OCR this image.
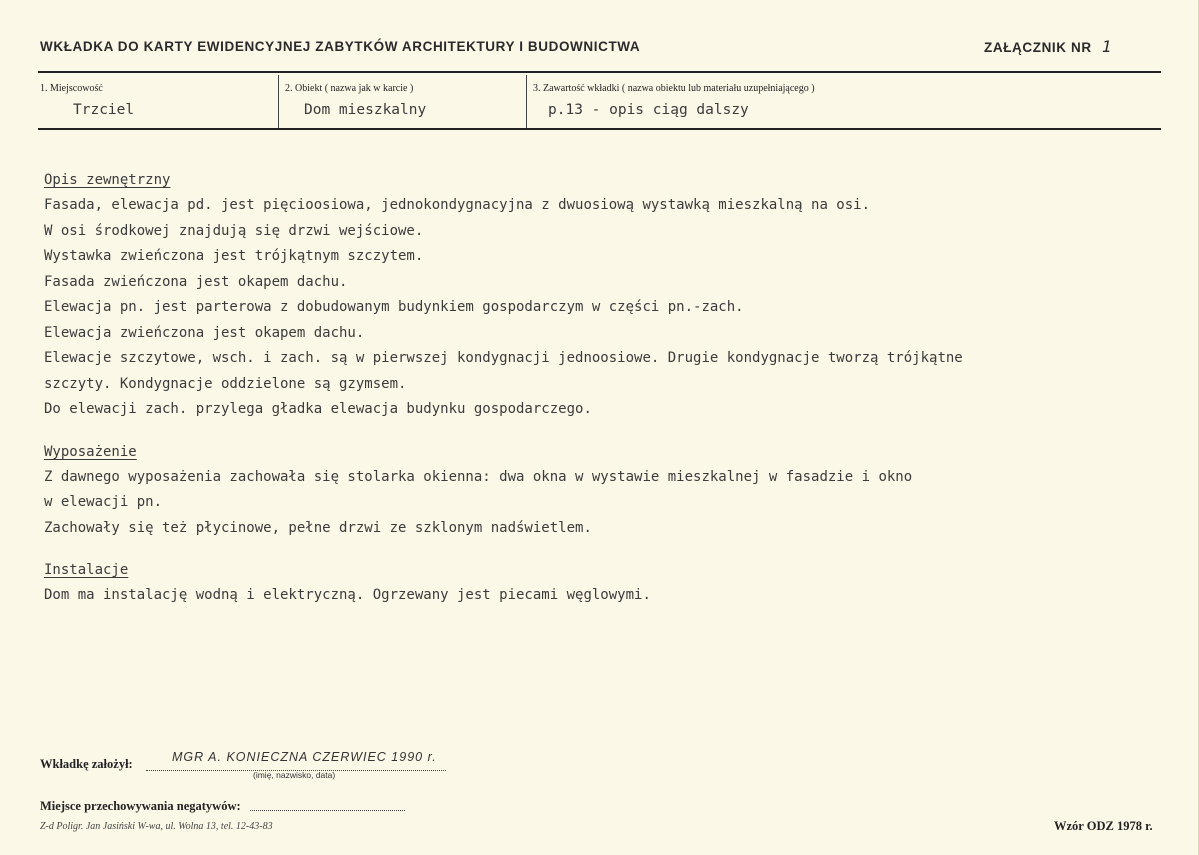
WKŁADKA DO KARTY EWIDENCYJNEJ ZABYTKÓW ARCHITEKTURY I BUDOWNICTWA	ZAŁĄCZNIK NR 1
1. Miejscowość
Trzciel
2. Obiekt ( nazwa jak w karcie )
Dom mieszkalny
3. Zawartość wkładki ( nazwa obiektu lub materiału uzupełniającego )
p.13 - opis ciąg dalszy

Opis zewnętrzny

Fasada, elewacja pd. jest pięcioosiowa, jednokondygnacyjna z dwuosiową wystawką mieszkalną na osi.

W osi środkowej znajdują się drzwi wejściowe.

Wystawka zwieńczona jest trójkątnym szczytem.

Fasada zwieńczona jest okapem dachu.

Elewacja pn. jest parterowa z dobudowanym budynkiem gospodarczym w części pn.-zach.

Elewacja zwieńczona jest okapem dachu.

Elewacje szczytowe, wsch. i zach. są w pierwszej kondygnacji jednoosiowe. Drugie kondygnacje tworzą trójkątne

szczyty. Kondygnacje oddzielone są gzymsem.

Do elewacji zach. przylega gładka elewacja budynku gospodarczego.

Wyposażenie

Z dawnego wyposażenia zachowała się stolarka okienna: dwa okna w wystawie mieszkalnej w fasadzie i okno

w elewacji pn.

Zachowały się też płycinowe, pełne drzwi ze szklonym nadświetlem.

Instalacje

Dom ma instalację wodną i elektryczną. Ogrzewany jest piecami węglowymi.

Wkładkę założył:	MGR A. KONIECZNA CZERWIEC 1990 r.
(imię, nazwisko, data)
Miejsce przechowywania negatywów:
Z-d Poligr. Jan Jasiński W-wa, ul. Wolna 13, tel. 12-43-83	Wzór ODZ 1978 r.
